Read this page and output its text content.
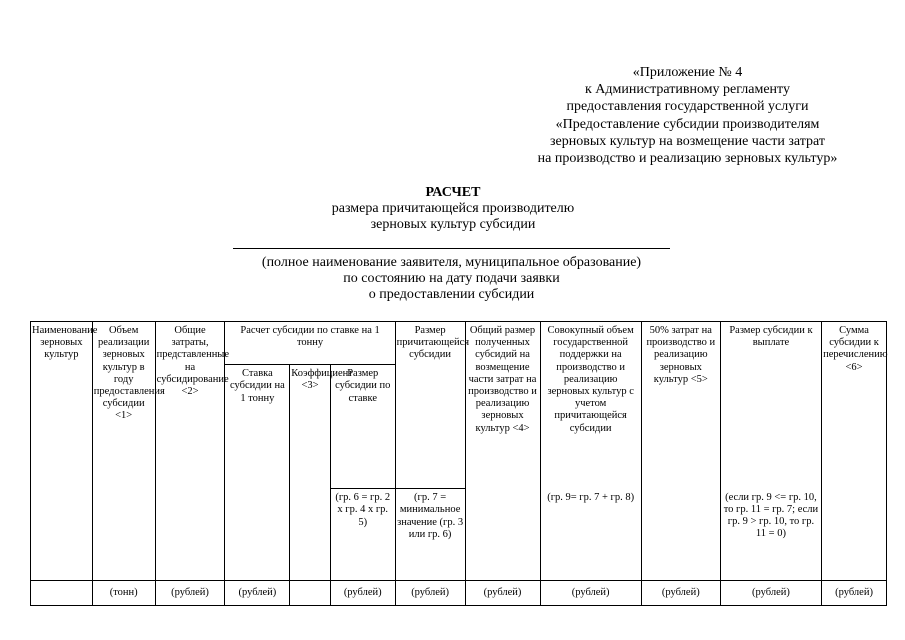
«Приложение № 4
к Административному регламенту
предоставления государственной услуги
«Предоставление субсидии производителям
зерновых культур на возмещение части затрат
на производство и реализацию зерновых культур»
РАСЧЕТ
размера причитающейся производителю
зерновых культур субсидии
(полное наименование заявителя, муниципальное образование)
по состоянию на дату подачи заявки
о предоставлении субсидии
Наименование зерновых культур	Объем реализации зерновых культур в году предоставления субсидии <1>	Общие затраты, представленные на субсидирование <2>	Расчет субсидии по ставке на 1 тонну			Размер причитающейся субсидии	Общий размер полученных субсидий на возмещение части затрат на производство и реализацию зерновых культур <4>	Совокупный объем государственной поддержки на производство и реализацию зерновых культур с учетом причитающейся субсидии	50% затрат на производство и реализацию зерновых культур <5>	Размер субсидии к выплате	Сумма субсидии к перечислению <6>
			Ставка субсидии на 1 тонну	Коэффициент <3>	Размер субсидии по ставке						
					(гр. 6 = гр. 2 х гр. 4 х гр. 5)	(гр. 7 = минимальное значение (гр. 3 или гр. 6)		(гр. 9= гр. 7 + гр. 8)		(если гр. 9 <= гр. 10, то гр. 11 = гр. 7; если гр. 9 > гр. 10, то гр. 11 = 0)	
	(тонн)	(рублей)	(рублей)		(рублей)	(рублей)	(рублей)	(рублей)	(рублей)	(рублей)	(рублей)
